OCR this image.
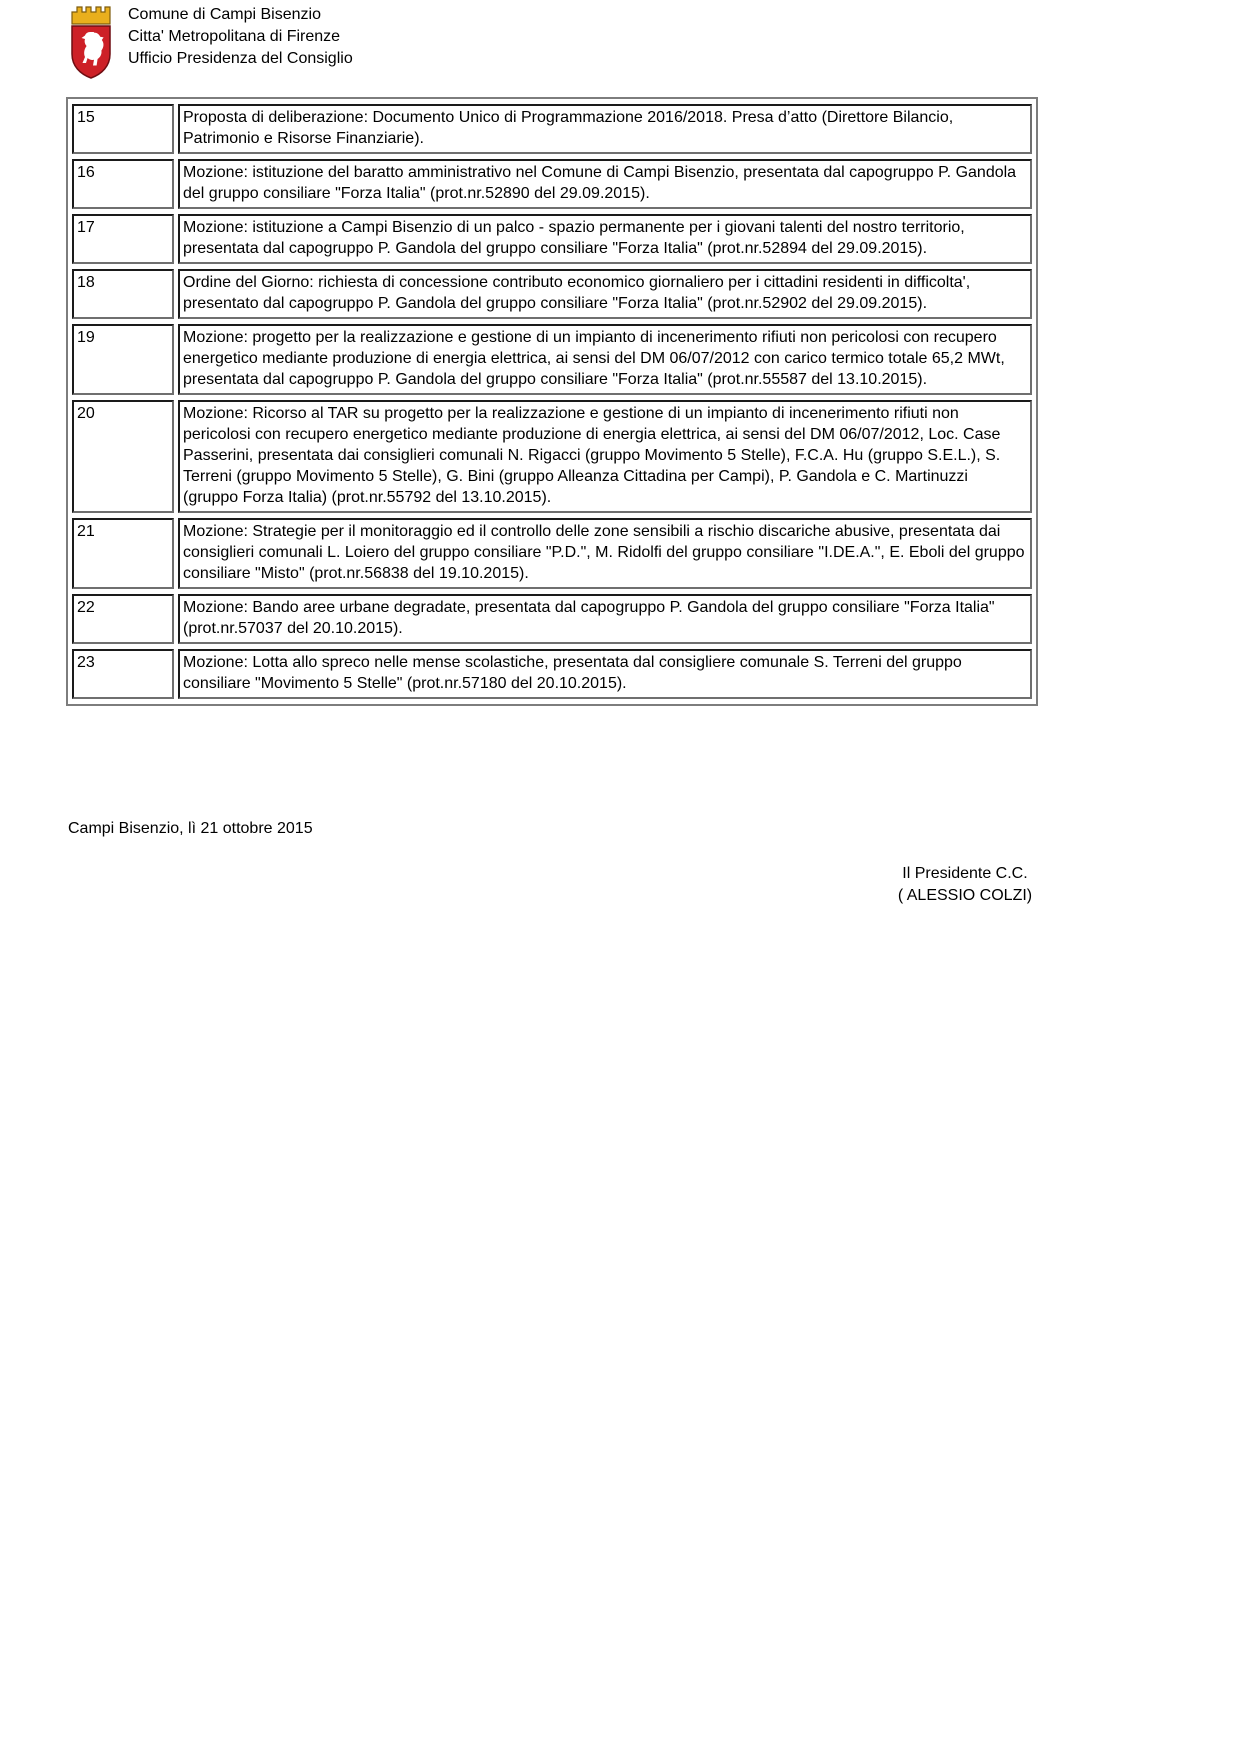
Comune di Campi Bisenzio
Citta' Metropolitana di Firenze
Ufficio Presidenza del Consiglio
15	Proposta di deliberazione: Documento Unico di Programmazione 2016/2018. Presa d’atto (Direttore Bilancio, Patrimonio e Risorse Finanziarie).
16	Mozione: istituzione del baratto amministrativo nel Comune di Campi Bisenzio, presentata dal capogruppo P. Gandola del gruppo consiliare "Forza Italia" (prot.nr.52890 del 29.09.2015).
17	Mozione: istituzione a Campi Bisenzio di un palco - spazio permanente per i giovani talenti del nostro territorio, presentata dal capogruppo P. Gandola del gruppo consiliare "Forza Italia" (prot.nr.52894 del 29.09.2015).
18	Ordine del Giorno: richiesta di concessione contributo economico giornaliero per i cittadini residenti in difficolta', presentato dal capogruppo P. Gandola del gruppo consiliare "Forza Italia" (prot.nr.52902 del 29.09.2015).
19	Mozione: progetto per la realizzazione e gestione di un impianto di incenerimento rifiuti non pericolosi con recupero energetico mediante produzione di energia elettrica, ai sensi del DM 06/07/2012 con carico termico totale 65,2 MWt, presentata dal capogruppo P. Gandola del gruppo consiliare "Forza Italia" (prot.nr.55587 del 13.10.2015).
20	Mozione: Ricorso al TAR su progetto per la realizzazione e gestione di un impianto di incenerimento rifiuti non pericolosi con recupero energetico mediante produzione di energia elettrica, ai sensi del DM 06/07/2012, Loc. Case Passerini, presentata dai consiglieri comunali N. Rigacci (gruppo Movimento 5 Stelle), F.C.A. Hu (gruppo S.E.L.), S. Terreni (gruppo Movimento 5 Stelle), G. Bini (gruppo Alleanza Cittadina per Campi), P. Gandola e C. Martinuzzi (gruppo Forza Italia) (prot.nr.55792 del 13.10.2015).
21	Mozione: Strategie per il monitoraggio ed il controllo delle zone sensibili a rischio discariche abusive, presentata dai consiglieri comunali L. Loiero del gruppo consiliare "P.D.", M. Ridolfi del gruppo consiliare "I.DE.A.", E. Eboli del gruppo consiliare "Misto" (prot.nr.56838 del 19.10.2015).
22	Mozione: Bando aree urbane degradate, presentata dal capogruppo P. Gandola del gruppo consiliare "Forza Italia" (prot.nr.57037 del 20.10.2015).
23	Mozione: Lotta allo spreco nelle mense scolastiche, presentata dal consigliere comunale S. Terreni del gruppo consiliare "Movimento 5 Stelle" (prot.nr.57180 del 20.10.2015).
Campi Bisenzio, lì 21 ottobre 2015
Il Presidente C.C.
( ALESSIO COLZI)
